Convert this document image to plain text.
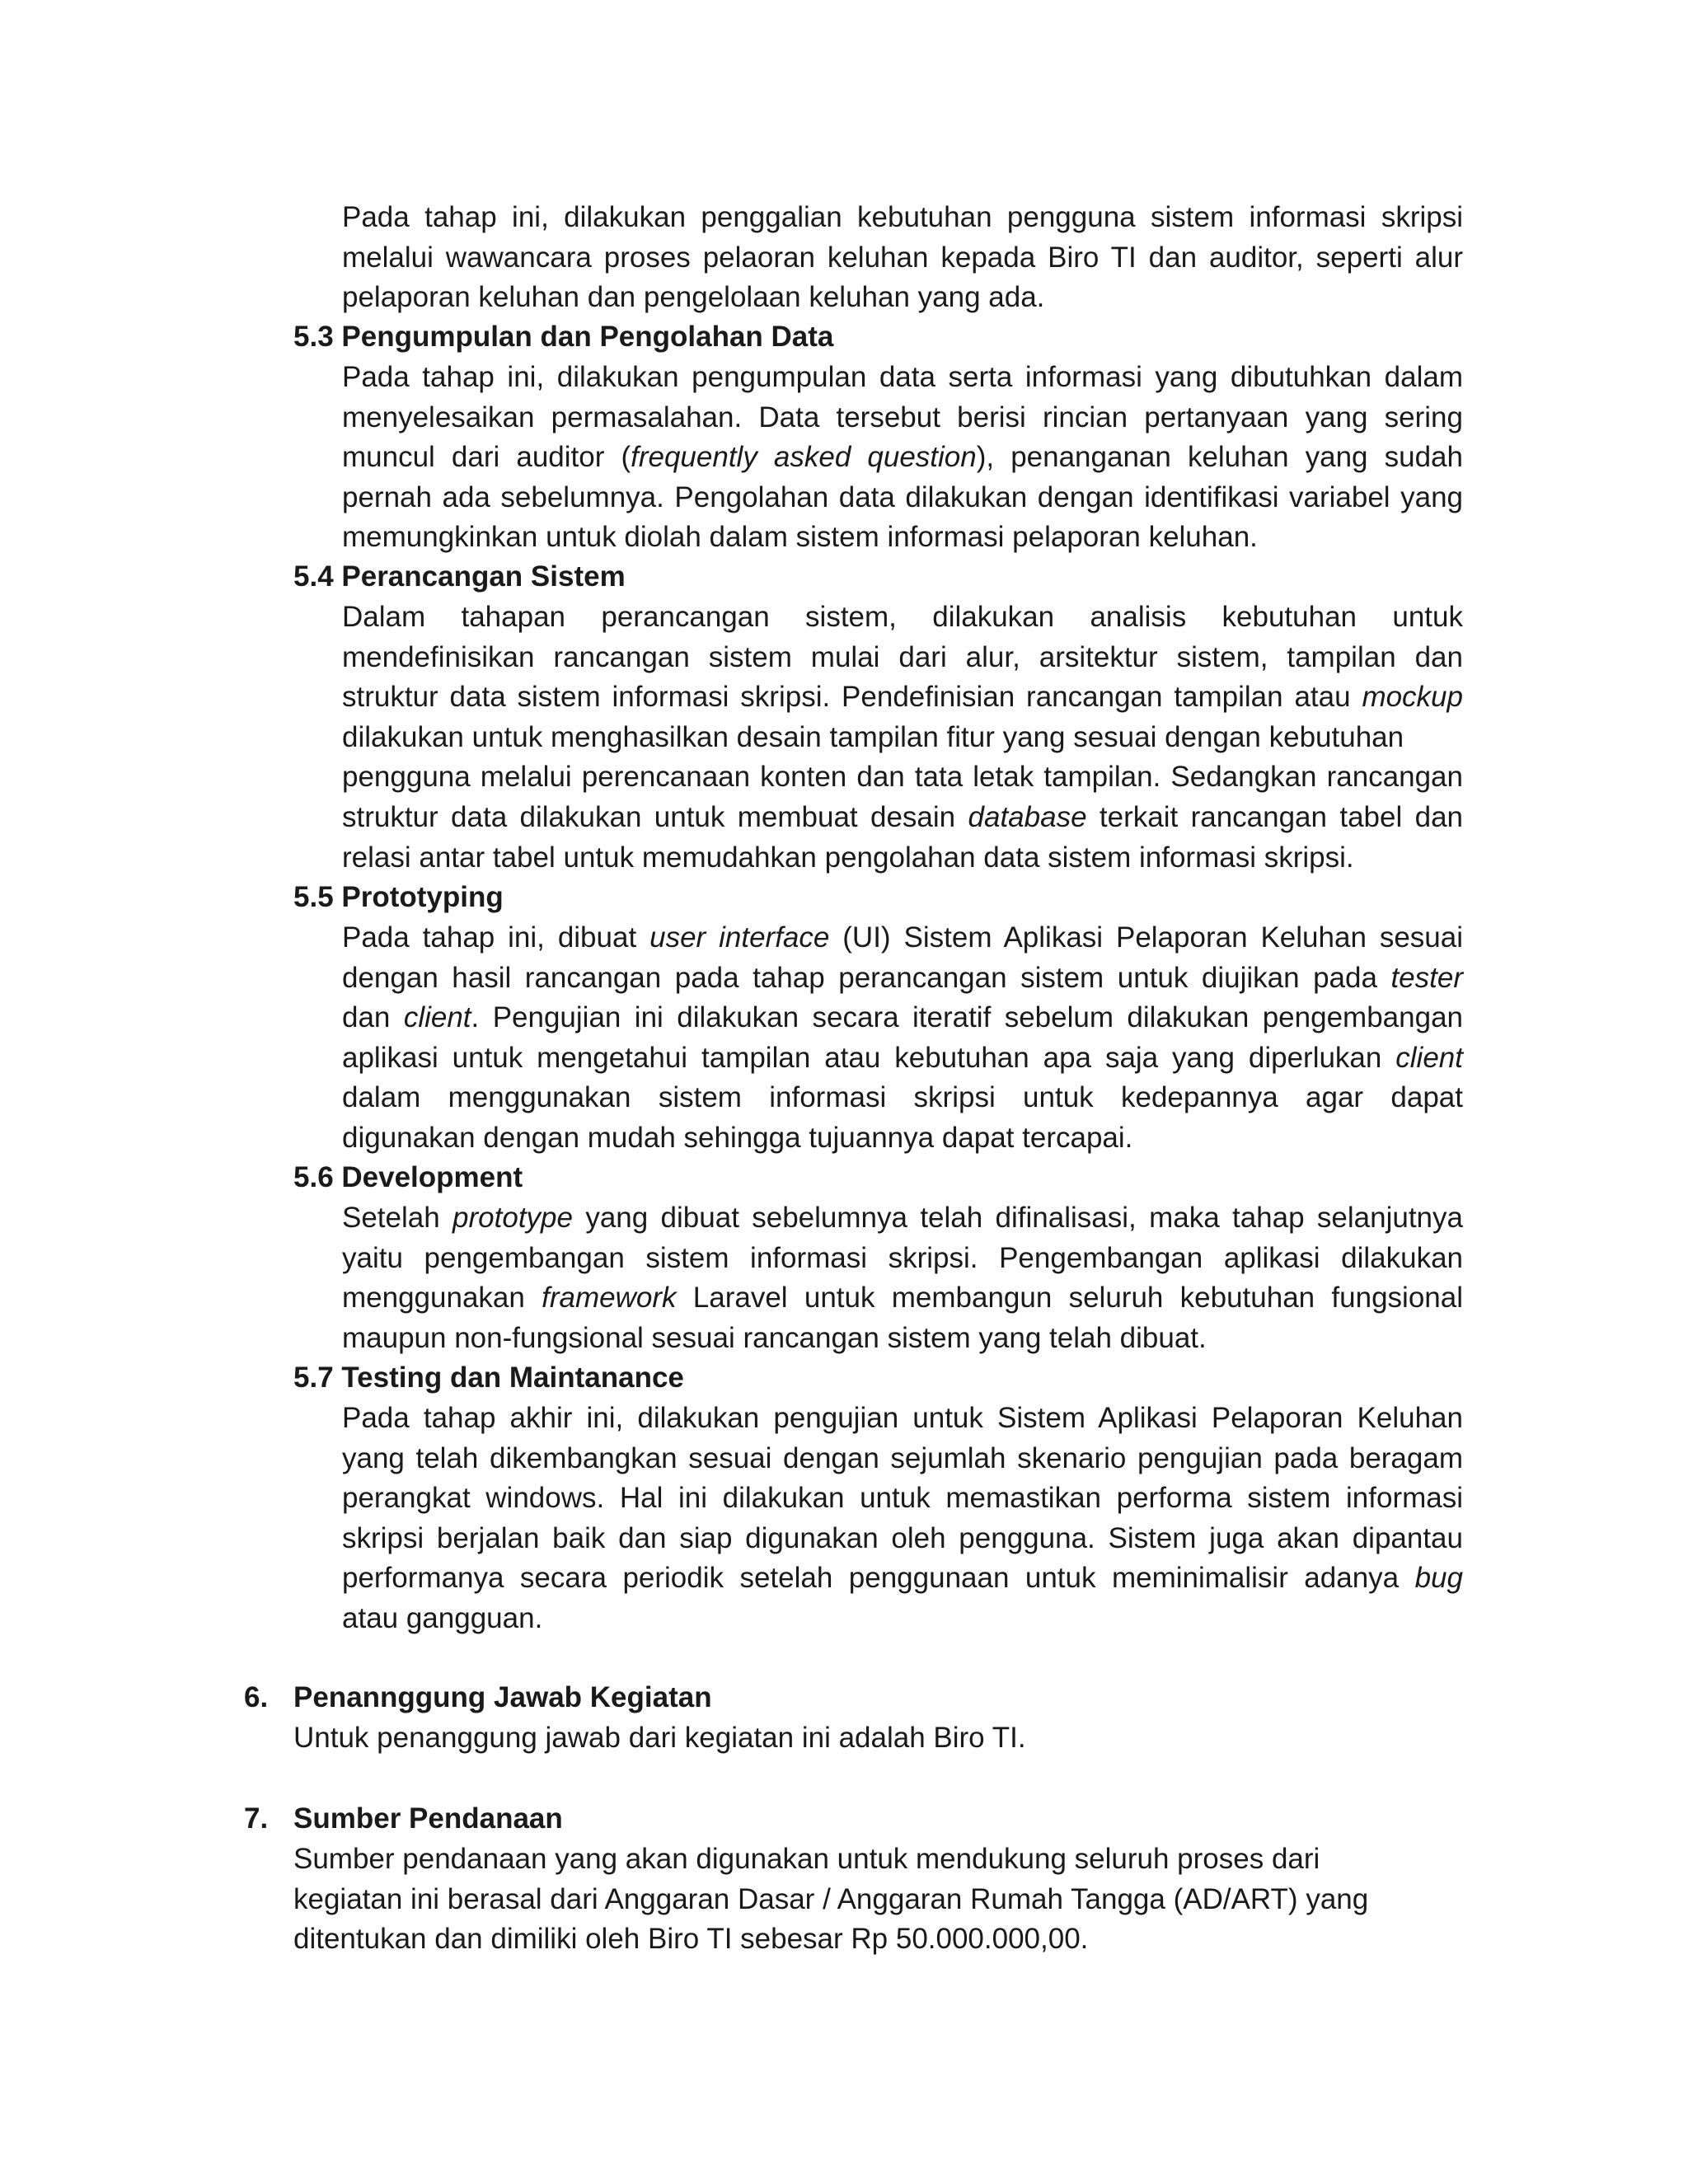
Pada tahap ini, dilakukan penggalian kebutuhan pengguna sistem informasi skripsi
melalui wawancara proses pelaoran keluhan kepada Biro TI dan auditor, seperti alur
pelaporan keluhan dan pengelolaan keluhan yang ada.
5.3 Pengumpulan dan Pengolahan Data
Pada tahap ini, dilakukan pengumpulan data serta informasi yang dibutuhkan dalam
menyelesaikan permasalahan. Data tersebut berisi rincian pertanyaan yang sering
muncul dari auditor (frequently asked question), penanganan keluhan yang sudah
pernah ada sebelumnya. Pengolahan data dilakukan dengan identifikasi variabel yang
memungkinkan untuk diolah dalam sistem informasi pelaporan keluhan.
5.4 Perancangan Sistem
Dalam tahapan perancangan sistem, dilakukan analisis kebutuhan untuk
mendefinisikan rancangan sistem mulai dari alur, arsitektur sistem, tampilan dan
struktur data sistem informasi skripsi. Pendefinisian rancangan tampilan atau mockup
dilakukan untuk menghasilkan desain tampilan fitur yang sesuai dengan kebutuhan
pengguna melalui perencanaan konten dan tata letak tampilan. Sedangkan rancangan
struktur data dilakukan untuk membuat desain database terkait rancangan tabel dan
relasi antar tabel untuk memudahkan pengolahan data sistem informasi skripsi.
5.5 Prototyping
Pada tahap ini, dibuat user interface (UI) Sistem Aplikasi Pelaporan Keluhan sesuai
dengan hasil rancangan pada tahap perancangan sistem untuk diujikan pada tester
dan client. Pengujian ini dilakukan secara iteratif sebelum dilakukan pengembangan
aplikasi untuk mengetahui tampilan atau kebutuhan apa saja yang diperlukan client
dalam menggunakan sistem informasi skripsi untuk kedepannya agar dapat
digunakan dengan mudah sehingga tujuannya dapat tercapai.
5.6 Development
Setelah prototype yang dibuat sebelumnya telah difinalisasi, maka tahap selanjutnya
yaitu pengembangan sistem informasi skripsi. Pengembangan aplikasi dilakukan
menggunakan framework Laravel untuk membangun seluruh kebutuhan fungsional
maupun non-fungsional sesuai rancangan sistem yang telah dibuat.
5.7 Testing dan Maintanance
Pada tahap akhir ini, dilakukan pengujian untuk Sistem Aplikasi Pelaporan Keluhan
yang telah dikembangkan sesuai dengan sejumlah skenario pengujian pada beragam
perangkat windows. Hal ini dilakukan untuk memastikan performa sistem informasi
skripsi berjalan baik dan siap digunakan oleh pengguna. Sistem juga akan dipantau
performanya secara periodik setelah penggunaan untuk meminimalisir adanya bug
atau gangguan.
6. Penannggung Jawab Kegiatan
Untuk penanggung jawab dari kegiatan ini adalah Biro TI.
7. Sumber Pendanaan
Sumber pendanaan yang akan digunakan untuk mendukung seluruh proses dari
kegiatan ini berasal dari Anggaran Dasar / Anggaran Rumah Tangga (AD/ART) yang
ditentukan dan dimiliki oleh Biro TI sebesar Rp 50.000.000,00.
